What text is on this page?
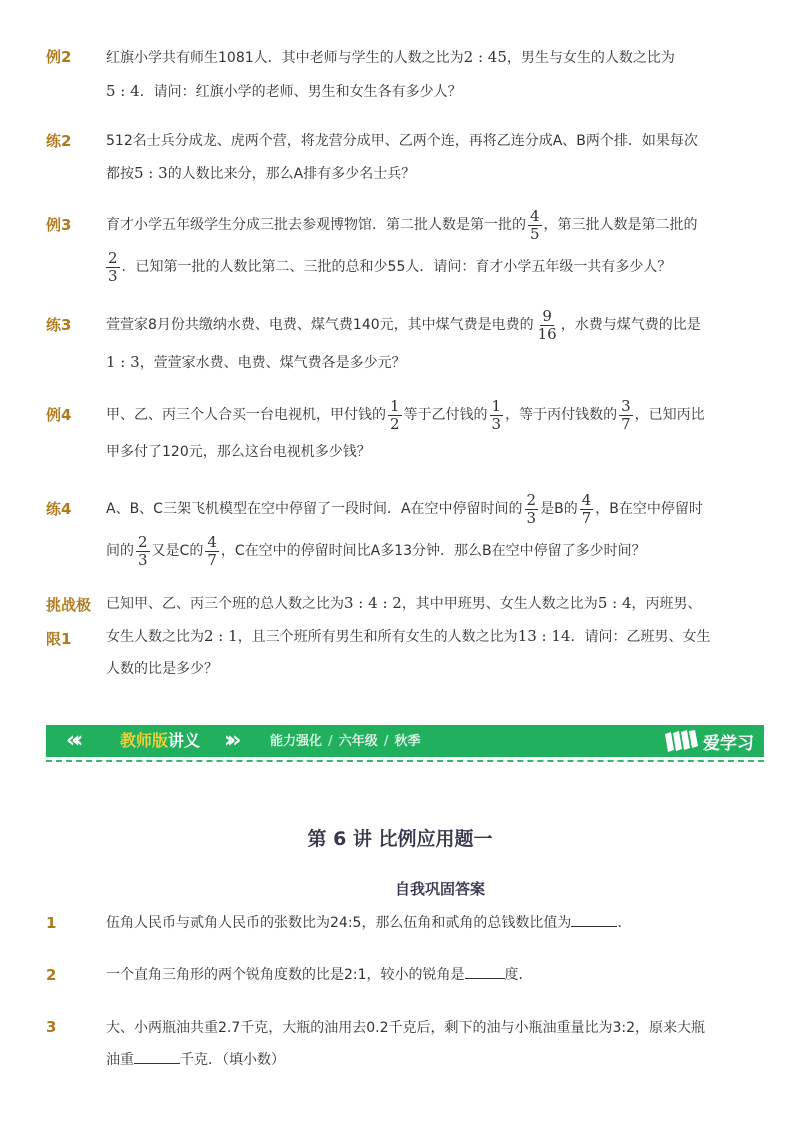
例2 红旗小学共有师生1081人．其中老师与学生的人数之比为2 : 45，男生与女生的人数之比为
5 : 4．请问：红旗小学的老师、男生和女生各有多少人？
练2 512名士兵分成龙、虎两个营，将龙营分成甲、乙两个连，再将乙连分成A、B两个排．如果每次
都按5 : 3的人数比来分，那么A排有多少名士兵？
例3 育才小学五年级学生分成三批去参观博物馆．第二批人数是第一批的 $\frac{4}{5}$ ，第三批人数是第二批的
$\frac{2}{3}$ ．已知第一批的人数比第二、三批的总和少55人．请问：育才小学五年级一共有多少人？
练3 萱萱家8月份共缴纳水费、电费、煤气费140元，其中煤气费是电费的 $\frac{9}{16}$ ，水费与煤气费的比是
1 : 3，萱萱家水费、电费、煤气费各是多少元？
例4 甲、乙、丙三个人合买一台电视机，甲付钱的 $\frac{1}{2}$ 等于乙付钱的 $\frac{1}{3}$ ，等于丙付钱数的 $\frac{3}{7}$ ，已知丙比
甲多付了120元，那么这台电视机多少钱？
练4 A、B、C三架飞机模型在空中停留了一段时间．A在空中停留时间的 $\frac{2}{3}$ 是B的 $\frac{4}{7}$ ，B在空中停留时
间的 $\frac{2}{3}$ 又是C的 $\frac{4}{7}$ ，C在空中的停留时间比A多13分钟．那么B在空中停留了多少时间？
挑战极
限1
已知甲、乙、丙三个班的总人数之比为3 : 4 : 2，其中甲班男、女生人数之比为5 : 4，丙班男、
女生人数之比为2 : 1，且三个班所有男生和所有女生的人数之比为13 : 14．请问：乙班男、女生
人数的比是多少？
«‹	教师版讲义 ›»	能力强化 / 六年级 / 秋季	爱学习
第 6 讲 比例应用题一
自我巩固答案
1	伍角人民币与贰角人民币的张数比为24:5，那么伍角和贰角的总钱数比值为	．
2	一个直角三角形的两个锐角度数的比是2:1，较小的锐角是	度．
3	大、小两瓶油共重2.7千克，大瓶的油用去0.2千克后，剩下的油与小瓶油重量比为3:2，原来大瓶
油重	千克．（填小数）
